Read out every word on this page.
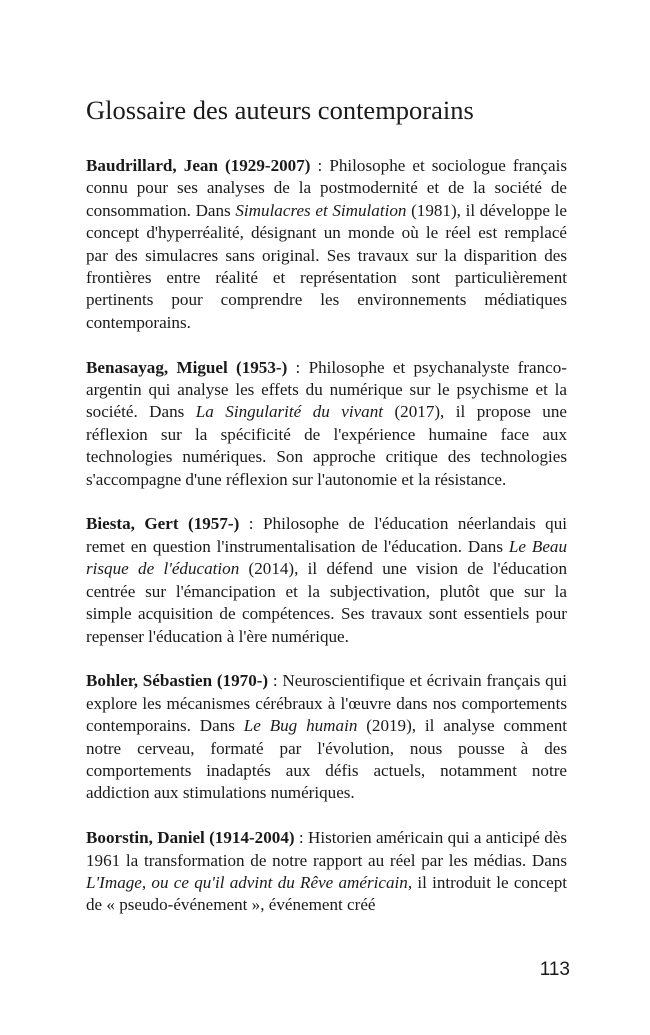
Glossaire des auteurs contemporains

Baudrillard, Jean (1929-2007) : Philosophe et sociologue français connu pour ses analyses de la postmodernité et de la société de consommation. Dans Simulacres et Simulation (1981), il développe le concept d'hyperréalité, désignant un monde où le réel est remplacé par des simulacres sans original. Ses travaux sur la disparition des frontières entre réalité et représentation sont particulièrement pertinents pour comprendre les environnements médiatiques contemporains.

Benasayag, Miguel (1953-) : Philosophe et psychanalyste franco-argentin qui analyse les effets du numérique sur le psychisme et la société. Dans La Singularité du vivant (2017), il propose une réflexion sur la spécificité de l'expérience humaine face aux technologies numériques. Son approche critique des technologies s'accompagne d'une réflexion sur l'autonomie et la résistance.

Biesta, Gert (1957-) : Philosophe de l'éducation néerlandais qui remet en question l'instrumentalisation de l'éducation. Dans Le Beau risque de l'éducation (2014), il défend une vision de l'éducation centrée sur l'émancipation et la subjectivation, plutôt que sur la simple acquisition de compétences. Ses travaux sont essentiels pour repenser l'éducation à l'ère numérique.

Bohler, Sébastien (1970-) : Neuroscientifique et écrivain français qui explore les mécanismes cérébraux à l'œuvre dans nos comportements contemporains. Dans Le Bug humain (2019), il analyse comment notre cerveau, formaté par l'évolution, nous pousse à des comportements inadaptés aux défis actuels, notamment notre addiction aux stimulations numériques.

Boorstin, Daniel (1914-2004) : Historien américain qui a anticipé dès 1961 la transformation de notre rapport au réel par les médias. Dans L'Image, ou ce qu'il advint du Rêve américain, il introduit le concept de « pseudo-événement », événement créé

113
